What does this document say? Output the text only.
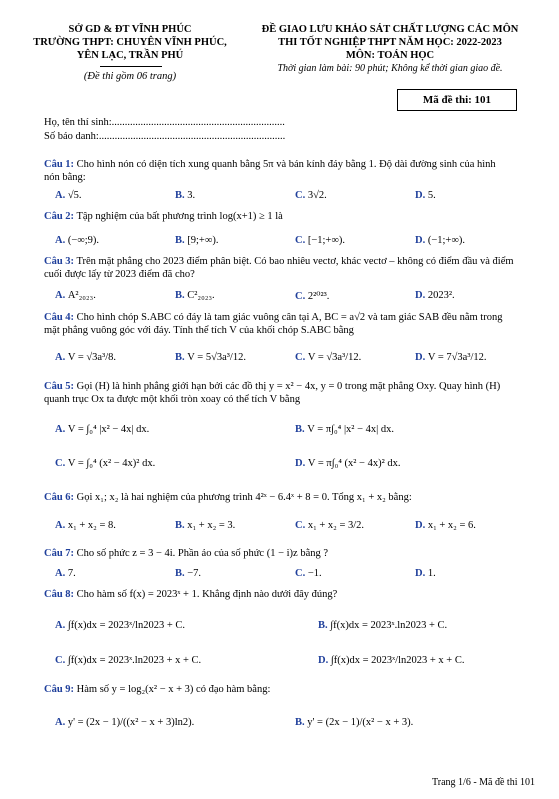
SỞ GD & ĐT VĨNH PHÚC
TRƯỜNG THPT: CHUYÊN VĨNH PHÚC,
YÊN LẠC, TRẦN PHÚ
(Đề thi gồm 06 trang)
ĐỀ GIAO LƯU KHẢO SÁT CHẤT LƯỢNG CÁC MÔN
THI TỐT NGHIỆP THPT NĂM HỌC: 2022-2023
MÔN: TOÁN HỌC
Thời gian làm bài: 90 phút; Không kể thời gian giao đề.
Mã đề thi: 101
Họ, tên thí sinh:..................................................................
Số báo danh:.......................................................................
Câu 1: Cho hình nón có diện tích xung quanh bằng 5π và bán kính đáy bằng 1. Độ dài đường sinh của hình nón bằng:
A. √5.	B. 3.	C. 3√2.	D. 5.
Câu 2: Tập nghiệm của bất phương trình log(x+1) ≥ 1 là
A. (−∞;9).	B. [9;+∞).	C. [−1;+∞).	D. (−1;+∞).
Câu 3: Trên mặt phẳng cho 2023 điểm phân biệt. Có bao nhiêu vectơ, khác vectơ – không có điểm đầu và điểm cuối được lấy từ 2023 điểm đã cho?
A. A²₂₀₂₃.	B. C²₂₀₂₃.	C. 2²⁰²³.	D. 2023².
Câu 4: Cho hình chóp S.ABC có đáy là tam giác vuông cân tại A, BC = a√2 và tam giác SAB đều nằm trong mặt phẳng vuông góc với đáy. Tính thể tích V của khối chóp S.ABC bằng
A. V = √3a³/8.	B. V = 5√3a³/12.	C. V = √3a³/12.	D. V = 7√3a³/12.
Câu 5: Gọi (H) là hình phẳng giới hạn bởi các đồ thị y = x² − 4x, y = 0 trong mặt phẳng Oxy. Quay hình (H) quanh trục Ox ta được một khối tròn xoay có thể tích V bằng
A. V = ∫₀⁴ |x² − 4x| dx.	B. V = π∫₀⁴ |x² − 4x| dx.
C. V = ∫₀⁴ (x² − 4x)² dx.	D. V = π∫₀⁴ (x² − 4x)² dx.
Câu 6: Gọi x₁; x₂ là hai nghiệm của phương trình 4²ˣ − 6.4ˣ + 8 = 0. Tổng x₁ + x₂ bằng:
A. x₁ + x₂ = 8.	B. x₁ + x₂ = 3.	C. x₁ + x₂ = 3/2.	D. x₁ + x₂ = 6.
Câu 7: Cho số phức z = 3 − 4i. Phần ảo của số phức (1 − i)z bằng ?
A. 7.	B. −7.	C. −1.	D. 1.
Câu 8: Cho hàm số f(x) = 2023ˣ + 1. Khẳng định nào dưới đây đúng?
A. ∫f(x)dx = 2023ˣ/ln2023 + C.	B. ∫f(x)dx = 2023ˣ.ln2023 + C.
C. ∫f(x)dx = 2023ˣ.ln2023 + x + C.	D. ∫f(x)dx = 2023ˣ/ln2023 + x + C.
Câu 9: Hàm số y = log₂(x² − x + 3) có đạo hàm bằng:
A. y' = (2x − 1)/((x² − x + 3)ln2).	B. y' = (2x − 1)/(x² − x + 3).
Trang 1/6 - Mã đề thi 101
